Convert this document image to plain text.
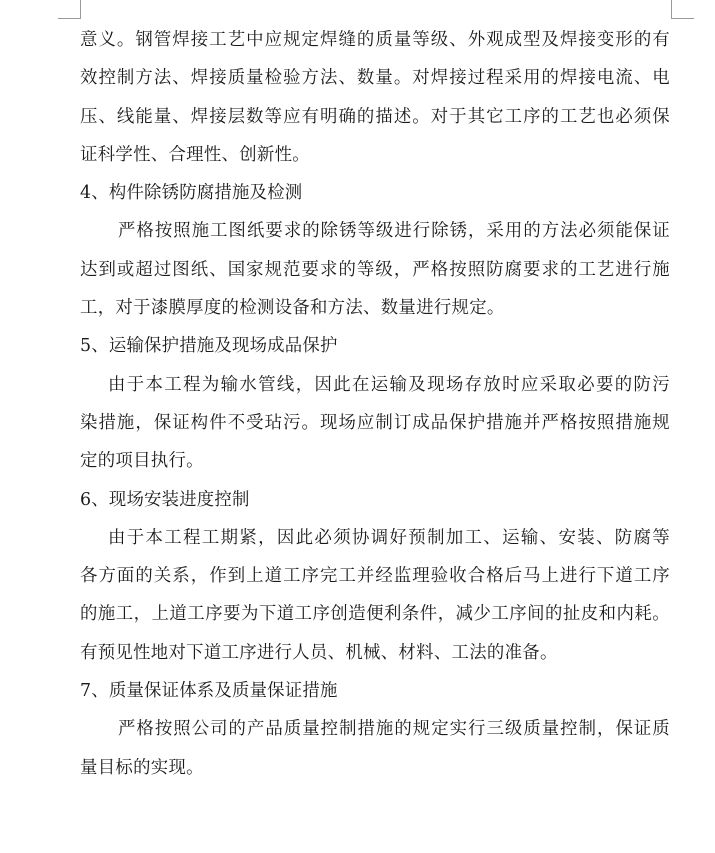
意义。钢管焊接工艺中应规定焊缝的质量等级、外观成型及焊接变形的有
效控制方法、焊接质量检验方法、数量。对焊接过程采用的焊接电流、电
压、线能量、焊接层数等应有明确的描述。对于其它工序的工艺也必须保
证科学性、合理性、创新性。
4、构件除锈防腐措施及检测
严格按照施工图纸要求的除锈等级进行除锈，采用的方法必须能保证
达到或超过图纸、国家规范要求的等级，严格按照防腐要求的工艺进行施
工，对于漆膜厚度的检测设备和方法、数量进行规定。
5、运输保护措施及现场成品保护
由于本工程为输水管线，因此在运输及现场存放时应采取必要的防污
染措施，保证构件不受玷污。现场应制订成品保护措施并严格按照措施规
定的项目执行。
6、现场安装进度控制
由于本工程工期紧，因此必须协调好预制加工、运输、安装、防腐等
各方面的关系，作到上道工序完工并经监理验收合格后马上进行下道工序
的施工，上道工序要为下道工序创造便利条件，减少工序间的扯皮和内耗。
有预见性地对下道工序进行人员、机械、材料、工法的准备。
7、质量保证体系及质量保证措施
严格按照公司的产品质量控制措施的规定实行三级质量控制，保证质
量目标的实现。
